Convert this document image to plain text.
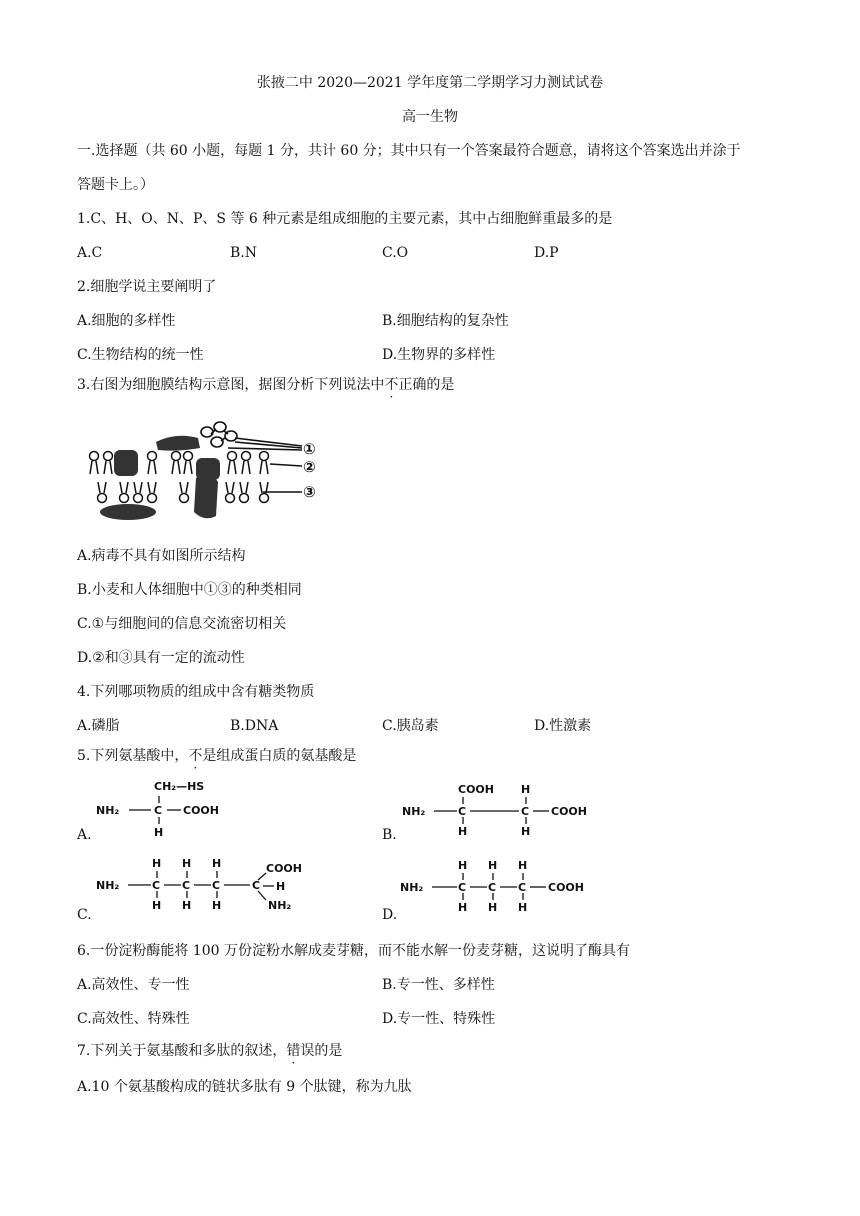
张掖二中 2020—2021 学年度第二学期学习力测试试卷
高一生物
一.选择题（共 60 小题，每题 1 分，共计 60 分；其中只有一个答案最符合题意，请将这个答案选出并涂于
答题卡上。）
1.C、H、O、N、P、S 等 6 种元素是组成细胞的主要元素，其中占细胞鲜重最多的是
A.C	B.N	C.O	D.P
2.细胞学说主要阐明了
A.细胞的多样性	B.细胞结构的复杂性
C.生物结构的统一性	D.生物界的多样性
3.右图为细胞膜结构示意图，据图分析下列说法中不正确的是
①
②
③
A.病毒不具有如图所示结构
B.小麦和人体细胞中①③的种类相同
C.①与细胞间的信息交流密切相关
D.②和③具有一定的流动性
4.下列哪项物质的组成中含有糖类物质
A.磷脂	B.DNA	C.胰岛素	D.性激素
5.下列氨基酸中，不是组成蛋白质的氨基酸是
A.
CH₂—HS
NH₂	C COOH
H	B.
COOH H
NH₂	C	C COOH
H	H
C.
H H H	COOH
NH₂	C C C	C H
H H H	NH₂
D.
H H H
NH₂	C C C COOH
H H H
6.一份淀粉酶能将 100 万份淀粉水解成麦芽糖，而不能水解一份麦芽糖，这说明了酶具有
A.高效性、专一性	B.专一性、多样性
C.高效性、特殊性	D.专一性、特殊性
7.下列关于氨基酸和多肽的叙述，错误的是
A.10 个氨基酸构成的链状多肽有 9 个肽键，称为九肽
